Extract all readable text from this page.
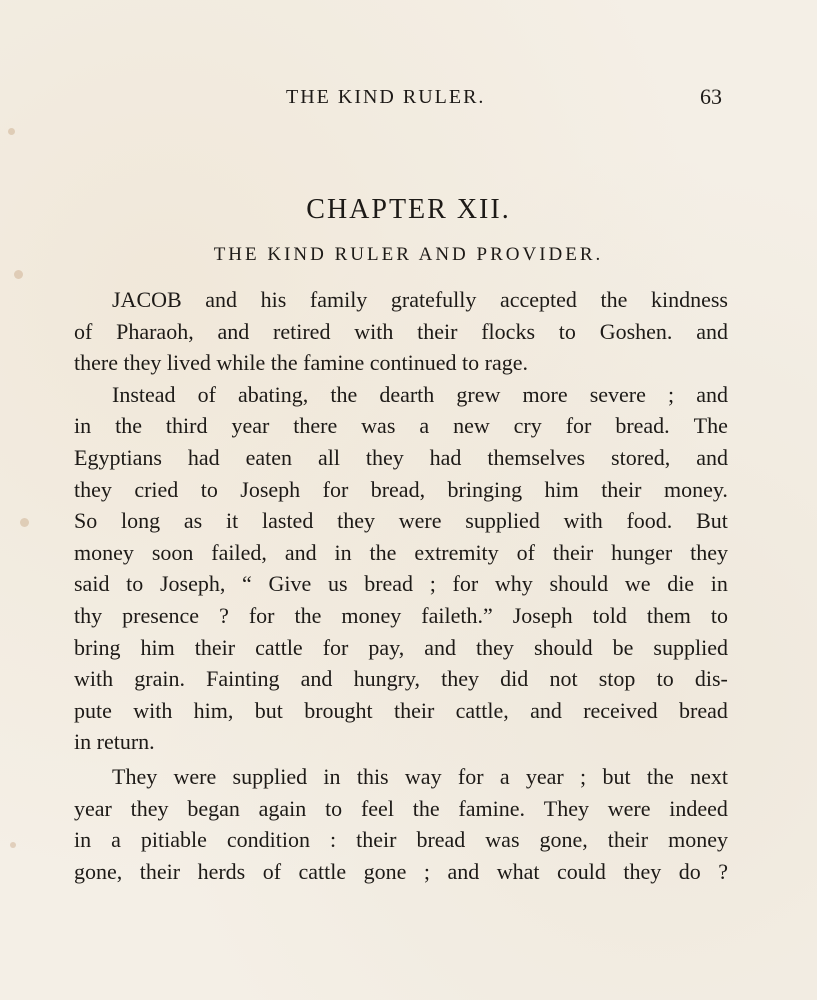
THE KIND RULER.	63
CHAPTER XII.
THE KIND RULER AND PROVIDER.
JACOB and his family gratefully accepted the kindness
of Pharaoh, and retired with their flocks to Goshen. and
there they lived while the famine continued to rage.
Instead of abating, the dearth grew more severe ; and
in the third year there was a new cry for bread. The
Egyptians had eaten all they had themselves stored, and
they cried to Joseph for bread, bringing him their money.
So long as it lasted they were supplied with food. But
money soon failed, and in the extremity of their hunger they
said to Joseph, “ Give us bread ; for why should we die in
thy presence ? for the money faileth.” Joseph told them to
bring him their cattle for pay, and they should be supplied
with grain. Fainting and hungry, they did not stop to dis-
pute with him, but brought their cattle, and received bread
in return.
They were supplied in this way for a year ; but the next
year they began again to feel the famine. They were indeed
in a pitiable condition : their bread was gone, their money
gone, their herds of cattle gone ; and what could they do ?
